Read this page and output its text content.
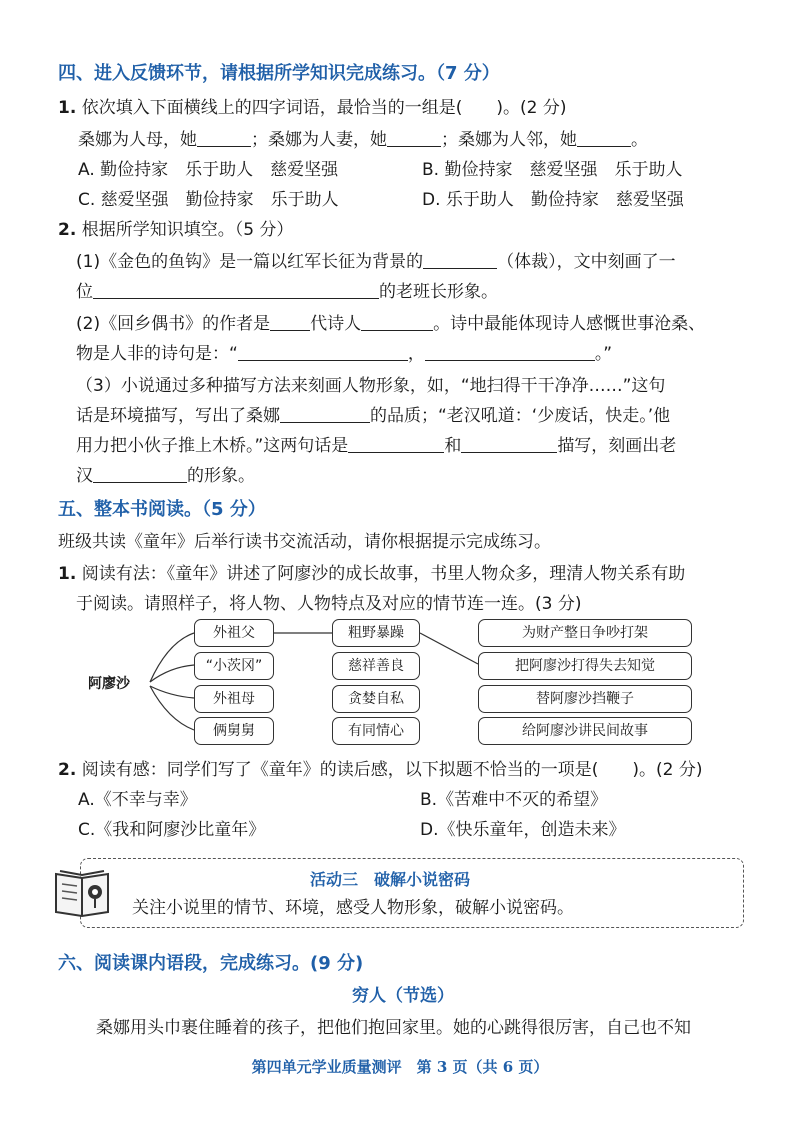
四、进入反馈环节，请根据所学知识完成练习。（7 分）
1. 依次填入下面横线上的四字词语，最恰当的一组是(　　)。(2 分)
桑娜为人母，她	；桑娜为人妻，她	；桑娜为人邻，她	。
A. 勤俭持家　乐于助人　慈爱坚强	B. 勤俭持家　慈爱坚强　乐于助人
C. 慈爱坚强　勤俭持家　乐于助人	D. 乐于助人　勤俭持家　慈爱坚强
2. 根据所学知识填空。（5 分）
(1)《金色的鱼钩》是一篇以红军长征为背景的	（体裁），文中刻画了一
位	的老班长形象。
(2)《回乡偶书》的作者是 代诗人	。诗中最能体现诗人感慨世事沧桑、
物是人非的诗句是：“	，	。”
（3）小说通过多种描写方法来刻画人物形象，如，“地扫得干干净净……”这句
话是环境描写，写出了桑娜	的品质；“老汉吼道：‘少废话，快走。’他
用力把小伙子推上木桥。”这两句话是	和	描写，刻画出老
汉	的形象。
五、整本书阅读。（5 分）
班级共读《童年》后举行读书交流活动，请你根据提示完成练习。
1. 阅读有法：《童年》讲述了阿廖沙的成长故事，书里人物众多，理清人物关系有助
于阅读。请照样子，将人物、人物特点及对应的情节连一连。(3 分)
阿廖沙
外祖父
“小茨冈”
外祖母
俩舅舅
粗野暴躁
慈祥善良
贪婪自私
有同情心
为财产整日争吵打架
把阿廖沙打得失去知觉
替阿廖沙挡鞭子
给阿廖沙讲民间故事
2. 阅读有感：同学们写了《童年》的读后感，以下拟题不恰当的一项是(　　)。(2 分)
A.《不幸与幸》	B.《苦难中不灭的希望》
C.《我和阿廖沙比童年》	D.《快乐童年，创造未来》
活动三　破解小说密码
关注小说里的情节、环境，感受人物形象，破解小说密码。
六、阅读课内语段，完成练习。(9 分)
穷人（节选）
桑娜用头巾裹住睡着的孩子，把他们抱回家里。她的心跳得很厉害，自己也不知
第四单元学业质量测评　第 3 页（共 6 页）
